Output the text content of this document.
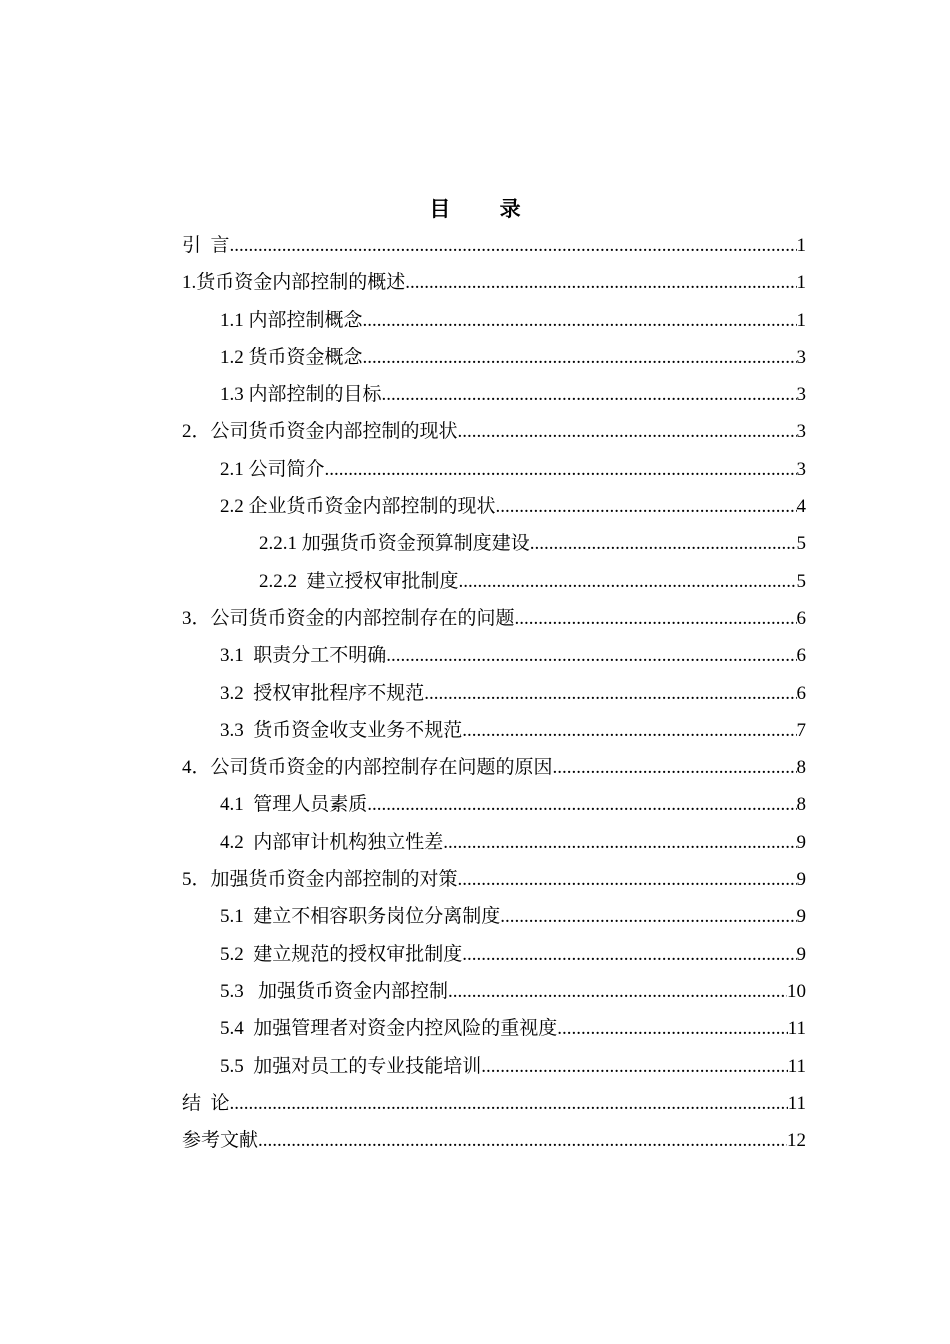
目 录
引  言 .....	1
1.货币资金内部控制的概述 .....	1
1.1 内部控制概念 .....	1
1.2 货币资金概念 .....	3
1.3 内部控制的目标 .....	3
2．公司货币资金内部控制的现状 .....	3
2.1 公司简介 .....	3
2.2 企业货币资金内部控制的现状 .....	4
2.2.1 加强货币资金预算制度建设 .....	5
2.2.2  建立授权审批制度 .....	5
3．公司货币资金的内部控制存在的问题 .....	6
3.1  职责分工不明确 .....	6
3.2  授权审批程序不规范 .....	6
3.3  货币资金收支业务不规范 .....	7
4．公司货币资金的内部控制存在问题的原因 .....	8
4.1  管理人员素质 .....	8
4.2  内部审计机构独立性差 .....	9
5．加强货币资金内部控制的对策 .....	9
5.1  建立不相容职务岗位分离制度 .....	9
5.2  建立规范的授权审批制度 .....	9
5.3   加强货币资金内部控制 .....	10
5.4  加强管理者对资金内控风险的重视度 .....	11
5.5  加强对员工的专业技能培训 .....	11
结  论 .....	11
参考文献 .....	12
